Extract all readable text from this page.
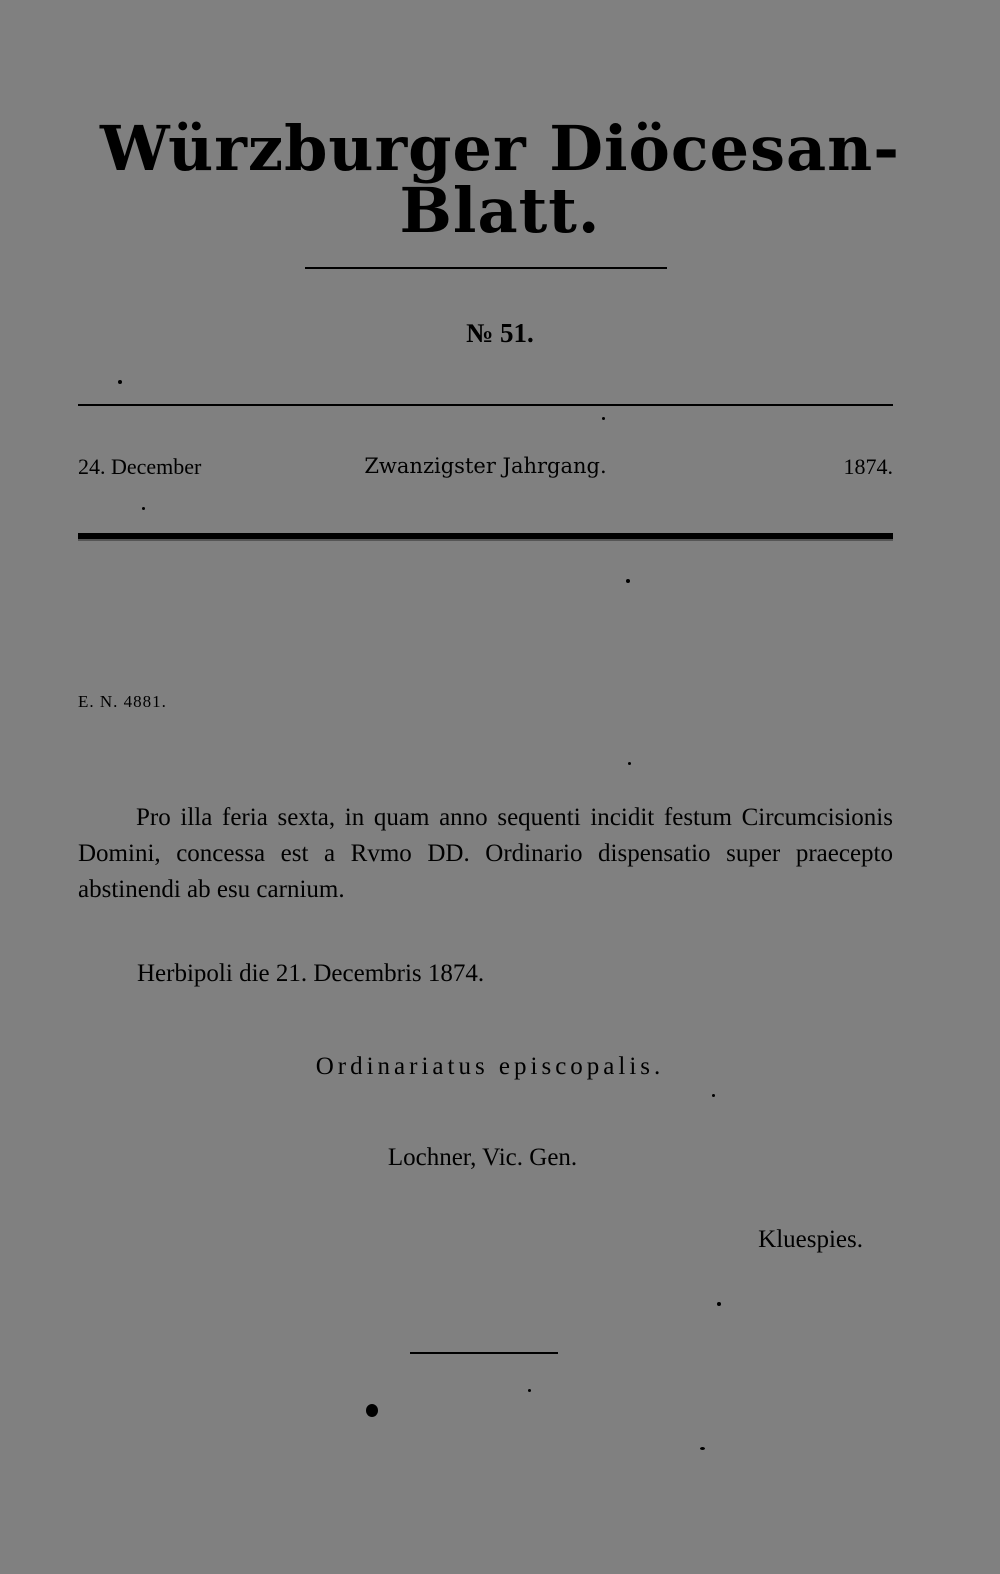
Würzburger Diöcesan-Blatt.
№ 51.
24. December	Zwanzigster Jahrgang.	1874.
E. N. 4881.

Pro illa feria sexta, in quam anno sequenti incidit festum Circumcisionis Domini, concessa est a Rvmo DD. Ordinario dispensatio super praecepto abstinendi ab esu carnium.

Herbipoli die 21. Decembris 1874.
Ordinariatus episcopalis.
Lochner, Vic. Gen.
Kluespies.
